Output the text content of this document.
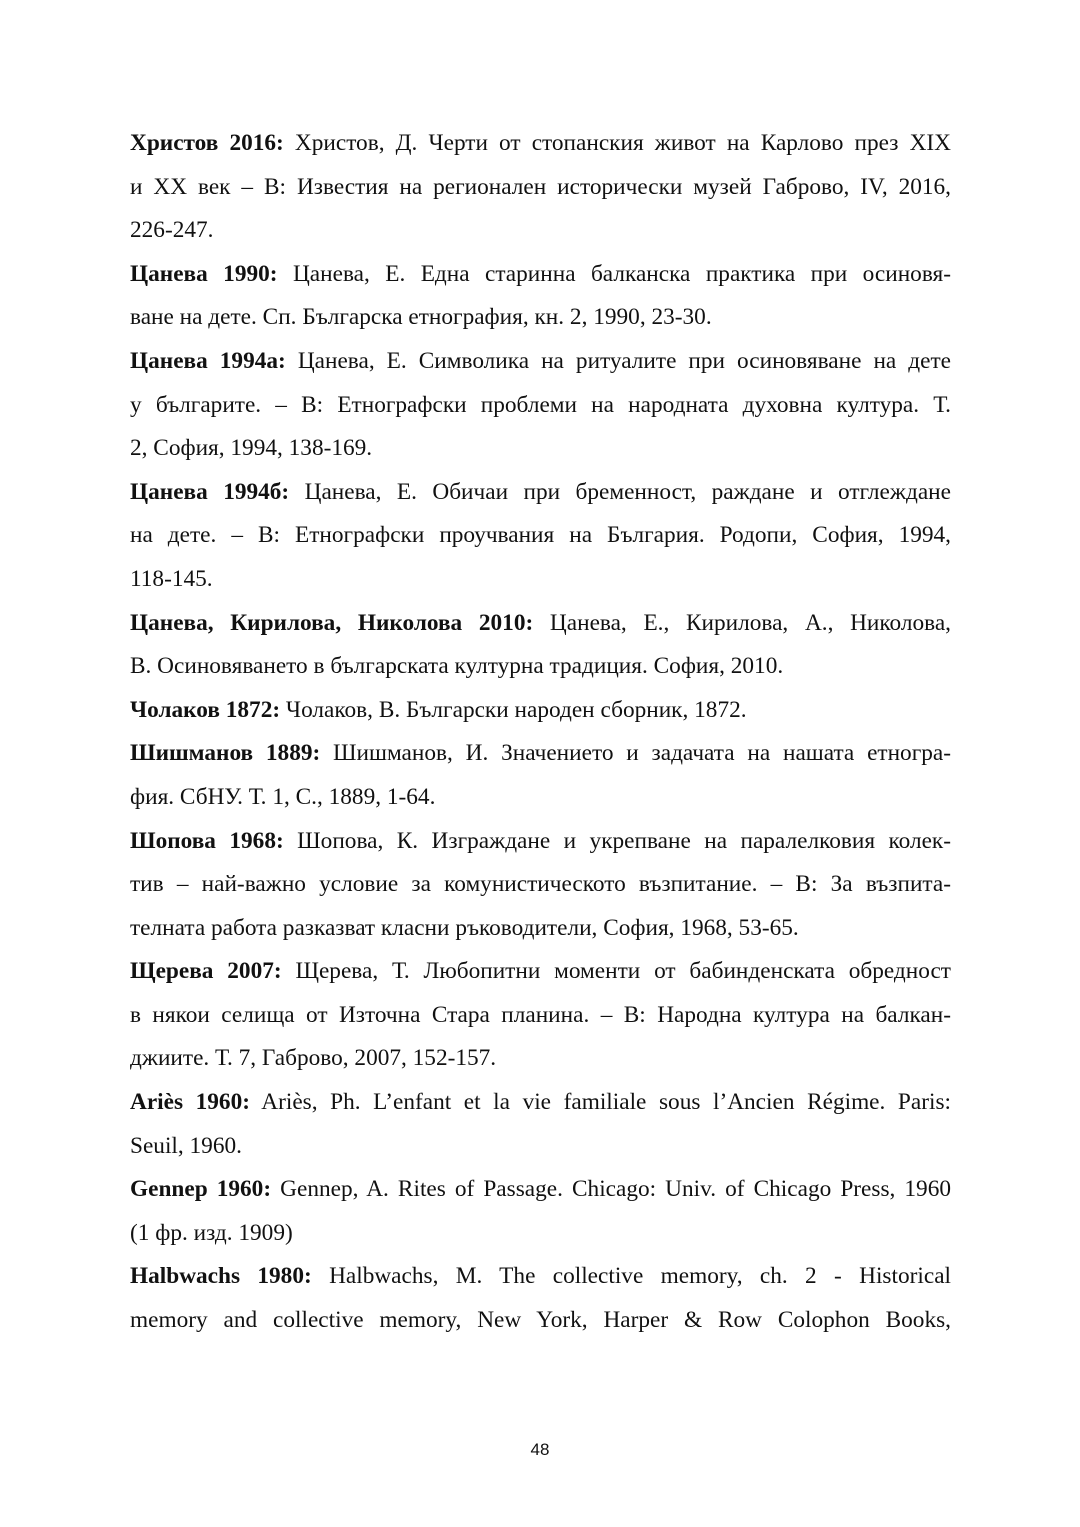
Христов 2016: Христов, Д. Черти от стопанския живот на Карлово през XIX
и XX век – В: Известия на регионален исторически музей Габрово, IV, 2016,
226-247.
Цанева 1990: Цанева, Е. Една старинна балканска практика при осиновя-
ване на дете. Сп. Българска етнография, кн. 2, 1990, 23-30.
Цанева 1994а: Цанева, Е. Символика на ритуалите при осиновяване на дете
у българите. – В: Етнографски проблеми на народната духовна култура. Т.
2, София, 1994, 138-169.
Цанева 1994б: Цанева, Е. Обичаи при бременност, раждане и отглеждане
на дете. – В: Етнографски проучвания на България. Родопи, София, 1994,
118-145.
Цанева, Кирилова, Николова 2010: Цанева, Е., Кирилова, А., Николова,
В. Осиновяването в българската културна традиция. София, 2010.
Чолаков 1872: Чолаков, В. Български народен сборник, 1872.
Шишманов 1889: Шишманов, И. Значението и задачата на нашата етногра-
фия. СбНУ. Т. 1, С., 1889, 1-64.
Шопова 1968: Шопова, К. Изграждане и укрепване на паралелковия колек-
тив – най-важно условие за комунистическото възпитание. – В: За възпита-
телната работа разказват класни ръководители, София, 1968, 53-65.
Щерева 2007: Щерева, Т. Любопитни моменти от бабинденската обредност
в някои селища от Източна Стара планина. – В: Народна култура на балкан-
джиите. Т. 7, Габрово, 2007, 152-157.
Ariès 1960: Ariès, Ph. L’enfant et la vie familiale sous l’Ancien Régime. Paris:
Seuil, 1960.
Gennep 1960: Gennep, A. Rites of Passage. Chicago: Univ. of Chicago Press, 1960
(1 фр. изд. 1909)
Halbwachs 1980: Halbwachs, M. The collective memory, ch. 2 - Historical
memory and collective memory, New York, Harper & Row Colophon Books,
48
